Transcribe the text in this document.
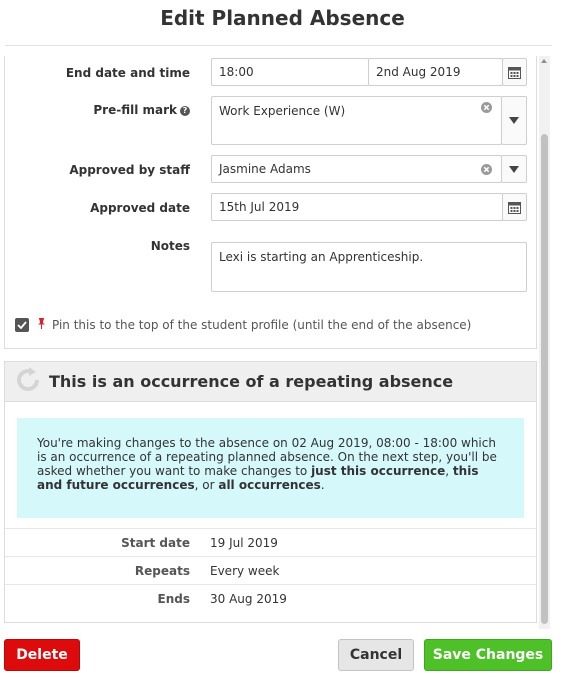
Edit Planned Absence
End date and time	18:00	2nd Aug 2019
Pre-fill mark ?	Work Experience (W)
Approved by staff Jasmine Adams
Approved date	15th Jul 2019
Notes
Lexi is starting an Apprenticeship.
Pin this to the top of the student profile (until the end of the absence)
This is an occurrence of a repeating absence
You're making changes to the absence on 02 Aug 2019, 08:00 - 18:00 which is an occurrence of a repeating planned absence. On the next step, you'll be asked whether you want to make changes to just this occurrence, this and future occurrences, or all occurrences.
Start date 19 Jul 2019
Repeats Every week
Ends 30 Aug 2019
Delete	Cancel	Save Changes
